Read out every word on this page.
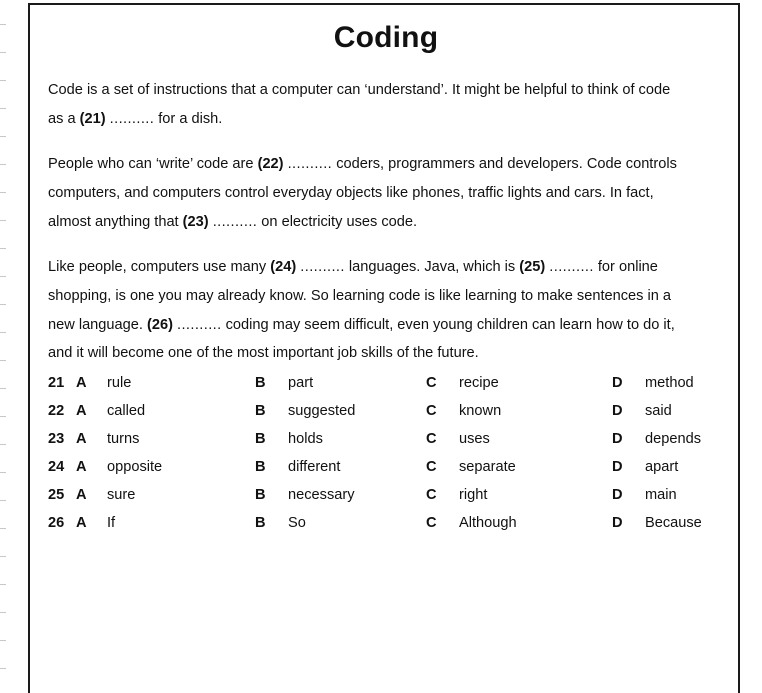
Coding
Code is a set of instructions that a computer can ‘understand’. It might be helpful to think of code
as a (21) .......... for a dish.
People who can ‘write’ code are (22) .......... coders, programmers and developers. Code controls
computers, and computers control everyday objects like phones, traffic lights and cars. In fact,
almost anything that (23) .......... on electricity uses code.
Like people, computers use many (24) .......... languages. Java, which is (25) .......... for online
shopping, is one you may already know. So learning code is like learning to make sentences in a
new language. (26) .......... coding may seem difficult, even young children can learn how to do it,
and it will become one of the most important job skills of the future.
21 A rule	B part	C recipe	D method
22 A called	B suggested	C known	D said
23 A turns	B holds	C uses	D depends
24 A opposite	B different	C separate	D apart
25 A sure	B necessary	C right	D main
26 A If	B So	C Although	D Because
